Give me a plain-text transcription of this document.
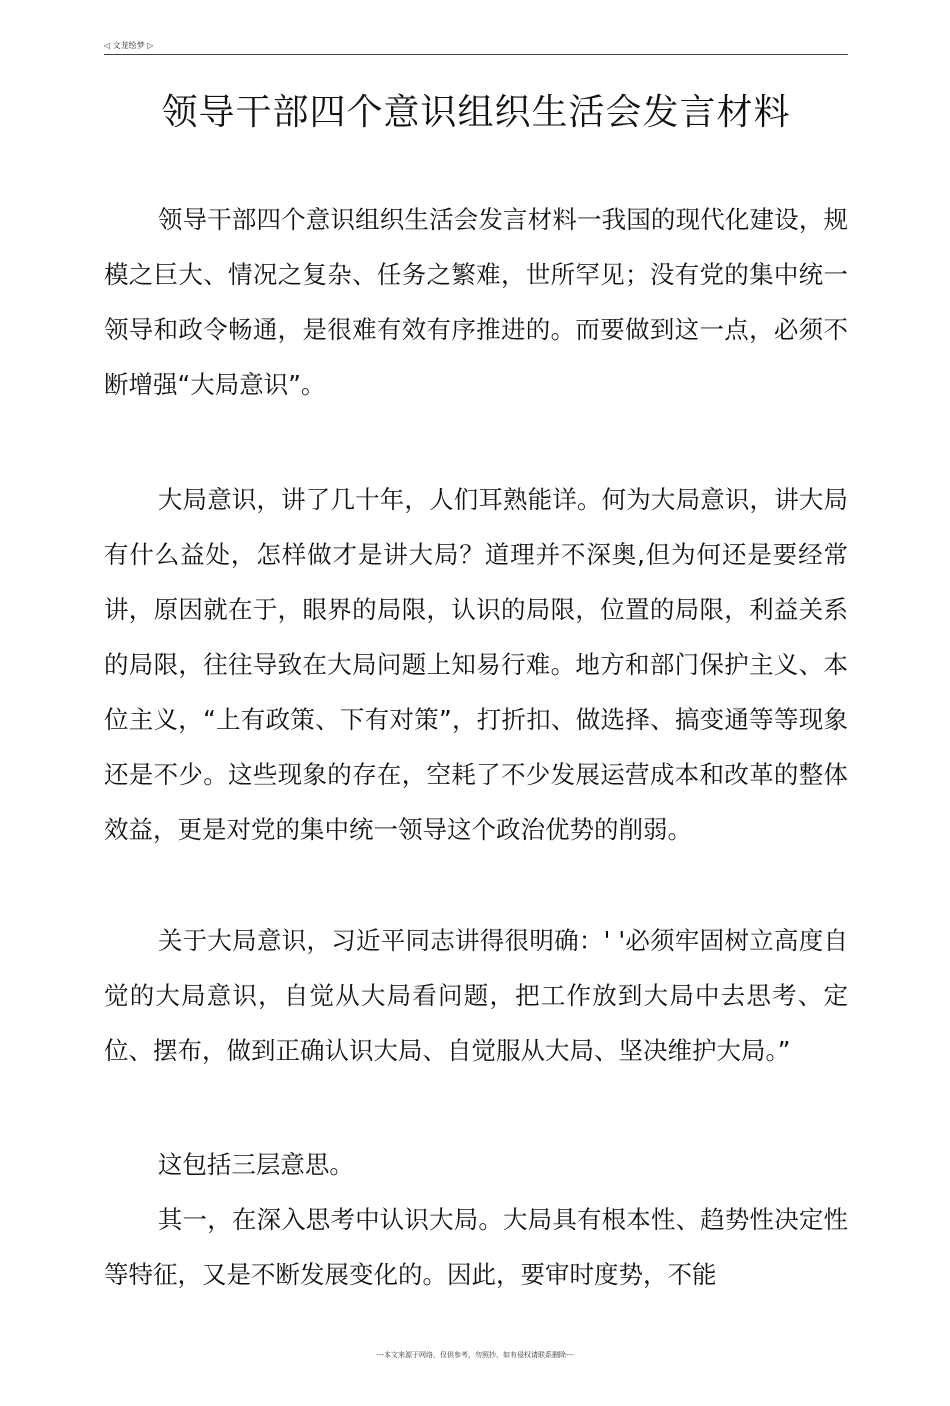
◁ 文茏绘梦 ▷
领导干部四个意识组织生活会发言材料

领导干部四个意识组织生活会发言材料一我国的现代化建设，规模之巨大、情况之复杂、任务之繁难，世所罕见；没有党的集中统一领导和政令畅通，是很难有效有序推进的。而要做到这一点，必须不断增强“大局意识”。

大局意识，讲了几十年，人们耳熟能详。何为大局意识，讲大局有什么益处，怎样做才是讲大局？道理并不深奥,但为何还是要经常讲，原因就在于，眼界的局限，认识的局限，位置的局限，利益关系的局限，往往导致在大局问题上知易行难。地方和部门保护主义、本位主义，“上有政策、下有对策”，打折扣、做选择、搞变通等等现象还是不少。这些现象的存在，空耗了不少发展运营成本和改革的整体效益，更是对党的集中统一领导这个政治优势的削弱。

关于大局意识，习近平同志讲得很明确：' '必须牢固树立高度自觉的大局意识，自觉从大局看问题，把工作放到大局中去思考、定位、摆布，做到正确认识大局、自觉服从大局、坚决维护大局。”

这包括三层意思。

其一，在深入思考中认识大局。大局具有根本性、趋势性决定性等特征，又是不断发展变化的。因此，要审时度势，不能

---本文来源于网络，仅供参考，勿照抄，如有侵权请联系删除---
